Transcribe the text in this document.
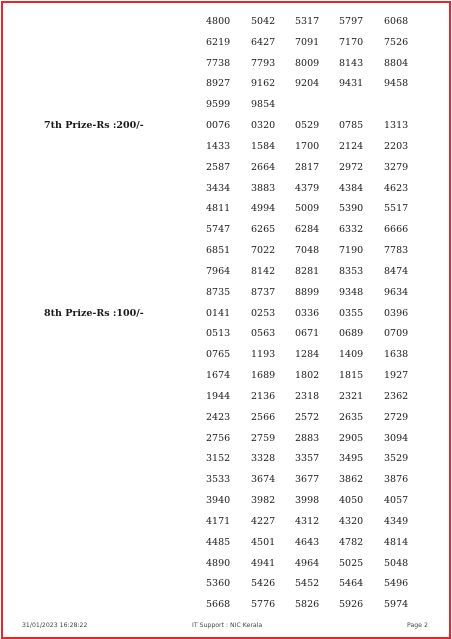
4800 5042 5317 5797 6068
6219 6427 7091 7170 7526
7738 7793 8009 8143 8804
8927 9162 9204 9431 9458
9599 9854
7th Prize-Rs :200/-	0076 0320 0529 0785 1313
1433 1584 1700 2124 2203
2587 2664 2817 2972 3279
3434 3883 4379 4384 4623
4811 4994 5009 5390 5517
5747 6265 6284 6332 6666
6851 7022 7048 7190 7783
7964 8142 8281 8353 8474
8735 8737 8899 9348 9634
8th Prize-Rs :100/-	0141 0253 0336 0355 0396
0513 0563 0671 0689 0709
0765 1193 1284 1409 1638
1674 1689 1802 1815 1927
1944 2136 2318 2321 2362
2423 2566 2572 2635 2729
2756 2759 2883 2905 3094
3152 3328 3357 3495 3529
3533 3674 3677 3862 3876
3940 3982 3998 4050 4057
4171 4227 4312 4320 4349
4485 4501 4643 4782 4814
4890 4941 4964 5025 5048
5360 5426 5452 5464 5496
5668 5776 5826 5926 5974
31/01/2023 16:28:22	IT Support : NIC Kerala	Page 2
